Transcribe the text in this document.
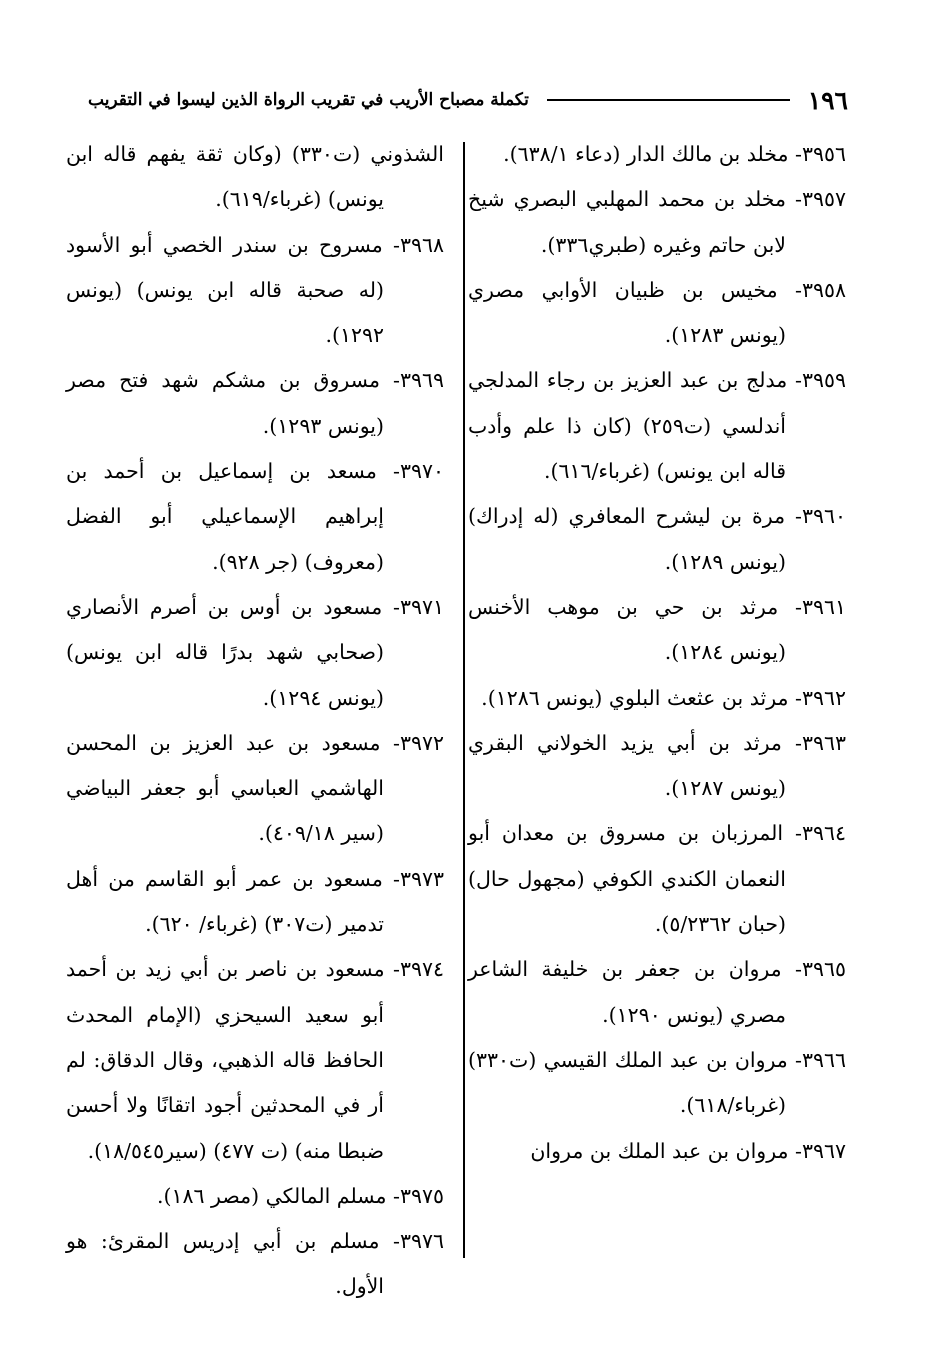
١٩٦
تكملة مصباح الأريب في تقريب الرواة الذين ليسوا في التقريب

٣٩٥٦- مخلد بن مالك الدار (دعاء ٦٣٨/١).

٣٩٥٧- مخلد بن محمد المهلبي البصري شيخ لابن حاتم وغيره (طبري٣٣٦).

٣٩٥٨- مخيس بن ظبيان الأوابي مصري (يونس ١٢٨٣).

٣٩٥٩- مدلج بن عبد العزيز بن رجاء المدلجي أندلسي (ت٢٥٩) (كان ذا علم وأدب قاله ابن يونس) (غرباء/٦١٦).

٣٩٦٠- مرة بن ليشرح المعافري (له إدراك) (يونس ١٢٨٩).

٣٩٦١- مرثد بن حي بن موهب الأخنس (يونس ١٢٨٤).

٣٩٦٢- مرثد بن عثعث البلوي (يونس ١٢٨٦).

٣٩٦٣- مرثد بن أبي يزيد الخولاني البقري (يونس ١٢٨٧).

٣٩٦٤- المرزبان بن مسروق بن معدان أبو النعمان الكندي الكوفي (مجهول حال) (حبان ٥/٢٣٦٢).

٣٩٦٥- مروان بن جعفر بن خليفة الشاعر مصري (يونس ١٢٩٠).

٣٩٦٦- مروان بن عبد الملك القيسي (ت٣٣٠) (غرباء/٦١٨).

٣٩٦٧- مروان بن عبد الملك بن مروان

الشذوني (ت٣٣٠) (وكان ثقة يفهم قاله ابن يونس) (غرباء/٦١٩).

٣٩٦٨- مسروح بن سندر الخصي أبو الأسود (له صحبة قاله ابن يونس) (يونس ١٢٩٢).

٣٩٦٩- مسروق بن مشكم شهد فتح مصر (يونس ١٢٩٣).

٣٩٧٠- مسعد بن إسماعيل بن أحمد بن إبراهيم الإسماعيلي أبو الفضل (معروف) (جر ٩٢٨).

٣٩٧١- مسعود بن أوس بن أصرم الأنصاري (صحابي شهد بدرًا قاله ابن يونس) (يونس ١٢٩٤).

٣٩٧٢- مسعود بن عبد العزيز بن المحسن الهاشمي العباسي أبو جعفر البياضي (سير ٤٠٩/١٨).

٣٩٧٣- مسعود بن عمر أبو القاسم من أهل تدمير (ت٣٠٧) (غرباء/ ٦٢٠).

٣٩٧٤- مسعود بن ناصر بن أبي زيد بن أحمد أبو سعيد السيحزي (الإمام المحدث الحافظ قاله الذهبي، وقال الدقاق: لم أر في المحدثين أجود اتقانًا ولا أحسن ضبطا منه) (ت ٤٧٧) (سير١٨/٥٤٥).

٣٩٧٥- مسلم المالكي (مصر ١٨٦).

٣٩٧٦- مسلم بن أبي إدريس المقرئ: هو الأول.
